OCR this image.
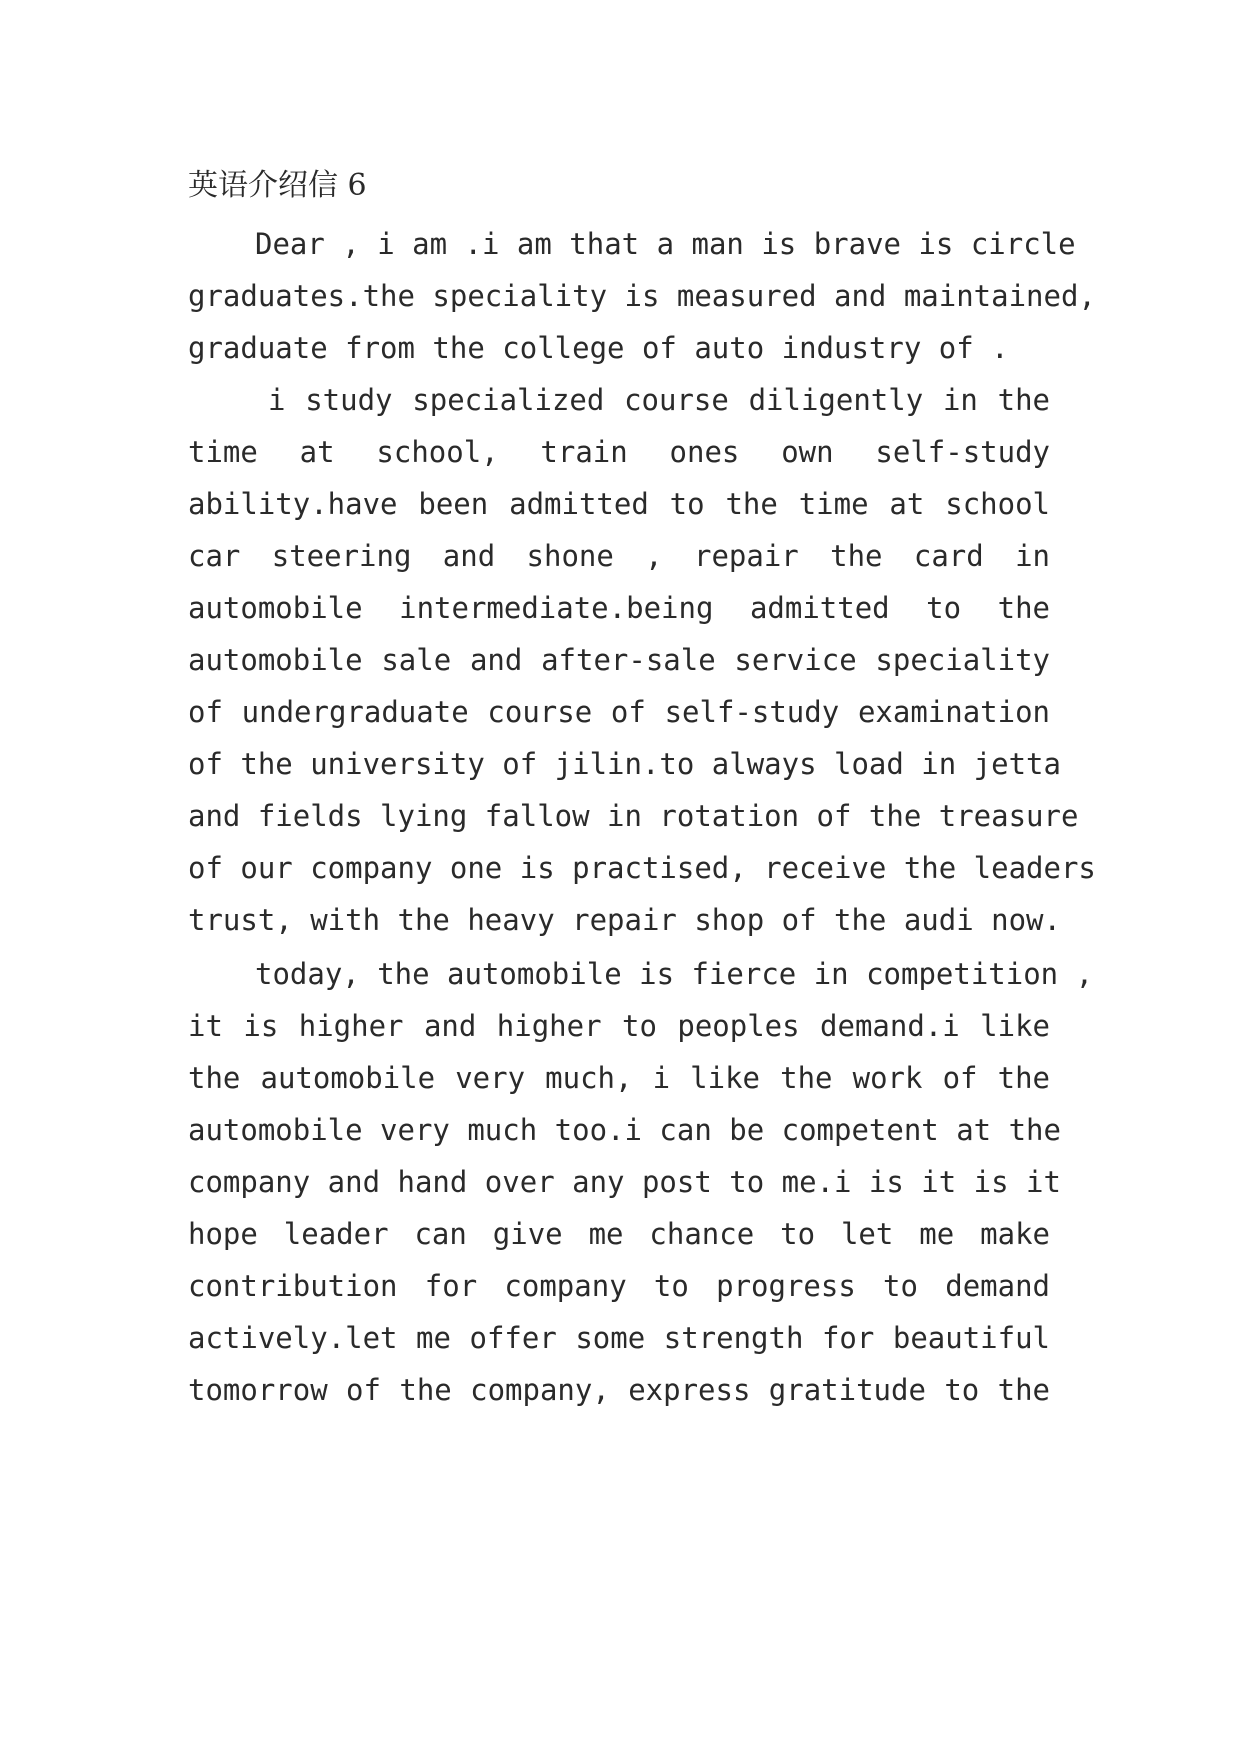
英语介绍信 6
Dear , i am .i am that a man is brave is circle
graduates.the speciality is measured and maintained,
graduate from the college of auto industry of .
i study specialized course diligently in the
time at school, train ones own self-study
ability.have been admitted to the time at school
car steering and shone , repair the card in
automobile intermediate.being admitted to the
automobile sale and after-sale service speciality
of undergraduate course of self-study examination
of the university of jilin.to always load in jetta
and fields lying fallow in rotation of the treasure
of our company one is practised, receive the leaders
trust, with the heavy repair shop of the audi now.
today, the automobile is fierce in competition ,
it is higher and higher to peoples demand.i like
the automobile very much, i like the work of the
automobile very much too.i can be competent at the
company and hand over any post to me.i is it is it
hope leader can give me chance to let me make
contribution for company to progress to demand
actively.let me offer some strength for beautiful
tomorrow of the company, express gratitude to the
